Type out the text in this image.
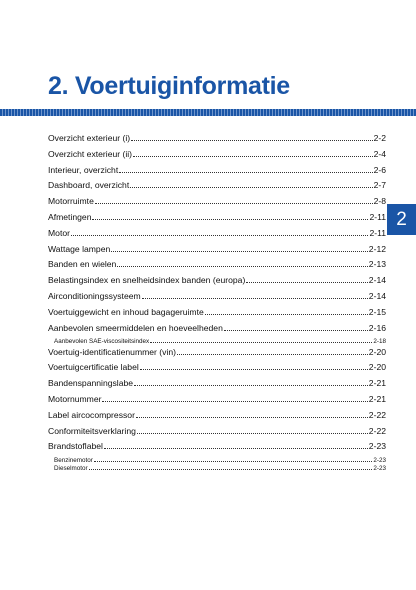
2. Voertuiginformatie
2
Overzicht exterieur (i)	2-2
Overzicht exterieur (ii)	2-4
Interieur, overzicht	2-6
Dashboard, overzicht	2-7
Motorruimte	2-8
Afmetingen	2-11
Motor	2-11
Wattage lampen	2-12
Banden en wielen	2-13
Belastingsindex en snelheidsindex banden (europa)	2-14
Airconditioningssysteem	2-14
Voertuiggewicht en inhoud bagageruimte	2-15
Aanbevolen smeermiddelen en hoeveelheden	2-16
Aanbevolen SAE-viscositeitsindex	2-18
Voertuig-identificatienummer (vin)	2-20
Voertuigcertificatie label	2-20
Bandenspanningslabe	2-21
Motornummer	2-21
Label aircocompressor	2-22
Conformiteitsverklaring	2-22
Brandstoflabel	2-23
Benzinemotor	2-23
Dieselmotor	2-23
